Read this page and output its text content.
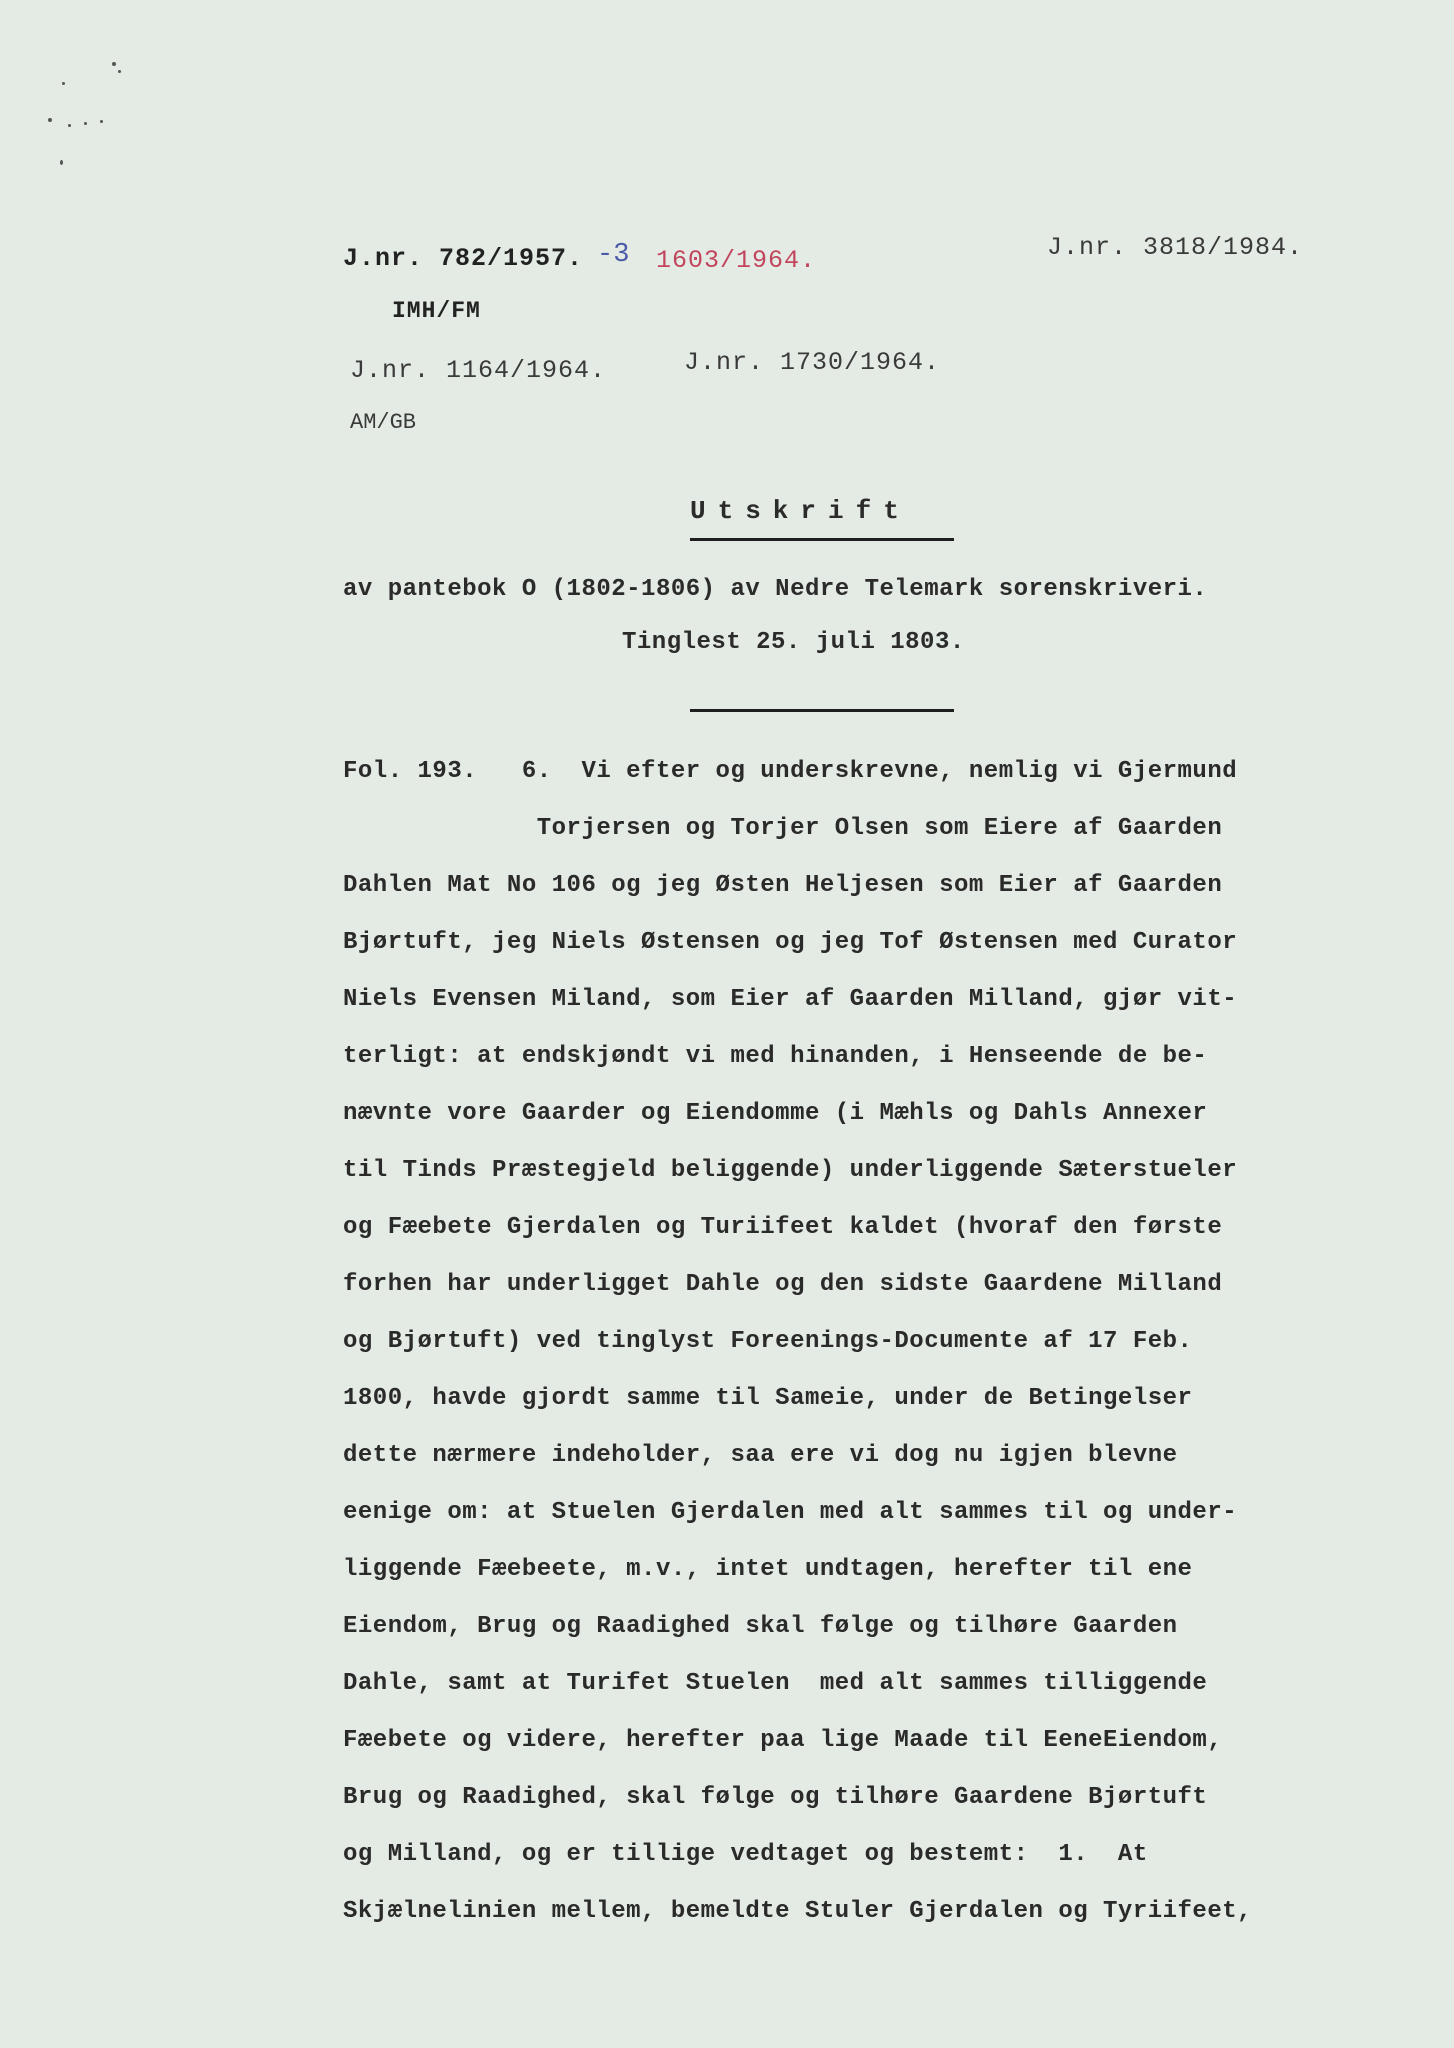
J.nr. 782/1957. -3 1603/1964.	J.nr. 3818/1984.
IMH/FM
J.nr. 1164/1964.	J.nr. 1730/1964.
AM/GB
Utskrift
av pantebok O (1802-1806) av Nedre Telemark sorenskriveri.
Tinglest 25. juli 1803.
Fol. 193.   6.  Vi efter og underskrevne, nemlig vi Gjermund
Torjersen og Torjer Olsen som Eiere af Gaarden
Dahlen Mat No 106 og jeg Østen Heljesen som Eier af Gaarden
Bjørtuft, jeg Niels Østensen og jeg Tof Østensen med Curator
Niels Evensen Miland, som Eier af Gaarden Milland, gjør vit-
terligt: at endskjøndt vi med hinanden, i Henseende de be-
nævnte vore Gaarder og Eiendomme (i Mæhls og Dahls Annexer
til Tinds Præstegjeld beliggende) underliggende Sæterstueler
og Fæebete Gjerdalen og Turiifeet kaldet (hvoraf den første
forhen har underligget Dahle og den sidste Gaardene Milland
og Bjørtuft) ved tinglyst Foreenings-Documente af 17 Feb.
1800, havde gjordt samme til Sameie, under de Betingelser
dette nærmere indeholder, saa ere vi dog nu igjen blevne
eenige om: at Stuelen Gjerdalen med alt sammes til og under-
liggende Fæebeete, m.v., intet undtagen, herefter til ene
Eiendom, Brug og Raadighed skal følge og tilhøre Gaarden
Dahle, samt at Turifet Stuelen  med alt sammes tilliggende
Fæebete og videre, herefter paa lige Maade til EeneEiendom,
Brug og Raadighed, skal følge og tilhøre Gaardene Bjørtuft
og Milland, og er tillige vedtaget og bestemt:  1.  At
Skjælnelinien mellem, bemeldte Stuler Gjerdalen og Tyriifeet,
